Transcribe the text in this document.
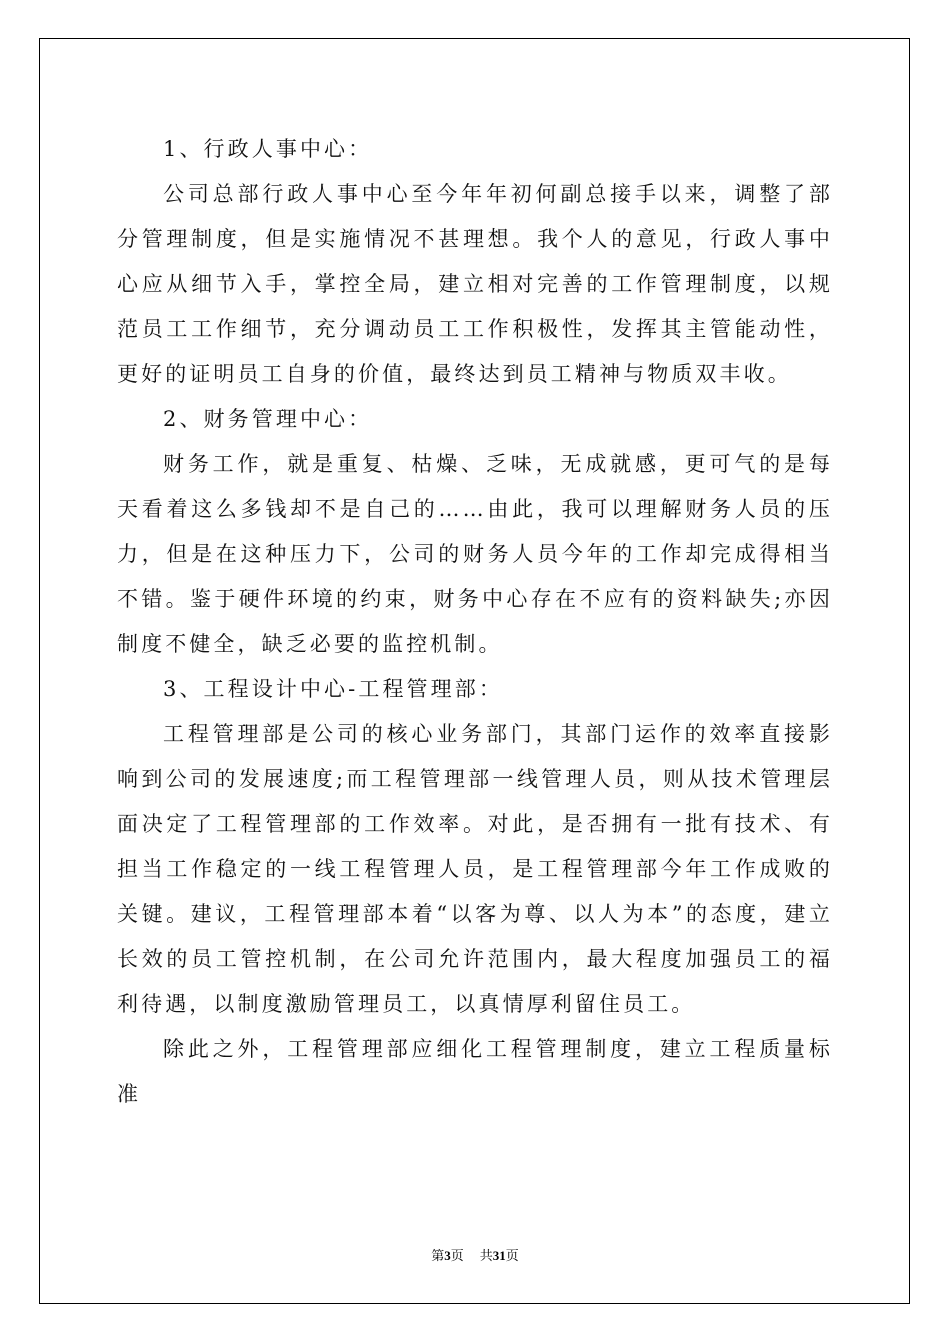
1、行政人事中心：

公司总部行政人事中心至今年年初何副总接手以来，调整了部分管理制度，但是实施情况不甚理想。我个人的意见，行政人事中心应从细节入手，掌控全局，建立相对完善的工作管理制度，以规范员工工作细节，充分调动员工工作积极性，发挥其主管能动性，更好的证明员工自身的价值，最终达到员工精神与物质双丰收。

2、财务管理中心：

财务工作，就是重复、枯燥、乏味，无成就感，更可气的是每天看着这么多钱却不是自己的……由此，我可以理解财务人员的压力，但是在这种压力下，公司的财务人员今年的工作却完成得相当不错。鉴于硬件环境的约束，财务中心存在不应有的资料缺失;亦因制度不健全，缺乏必要的监控机制。

3、工程设计中心-工程管理部：

工程管理部是公司的核心业务部门，其部门运作的效率直接影响到公司的发展速度;而工程管理部一线管理人员，则从技术管理层面决定了工程管理部的工作效率。对此，是否拥有一批有技术、有担当工作稳定的一线工程管理人员，是工程管理部今年工作成败的关键。建议，工程管理部本着“以客为尊、以人为本”的态度，建立长效的员工管控机制，在公司允许范围内，最大程度加强员工的福利待遇，以制度激励管理员工，以真情厚利留住员工。

除此之外，工程管理部应细化工程管理制度，建立工程质量标准

第3页 共31页
